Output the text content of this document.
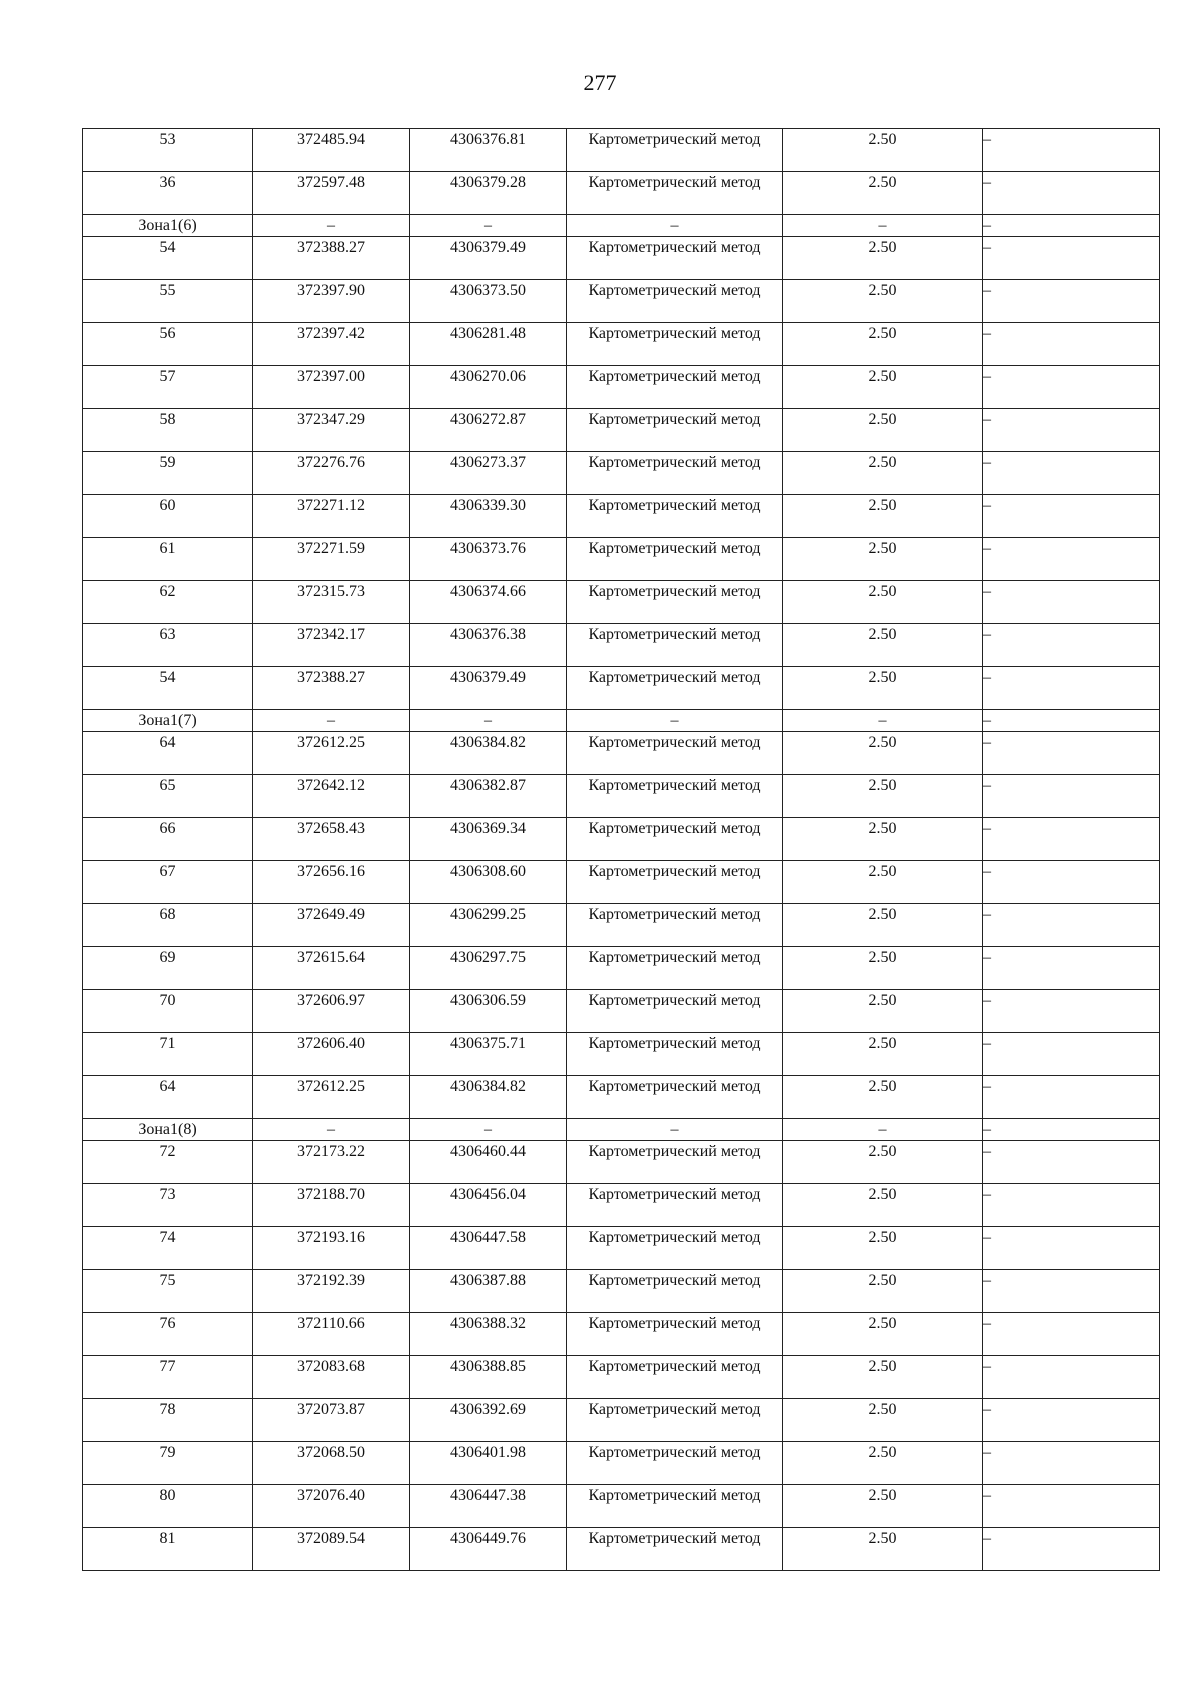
277
53	372485.94	4306376.81	Картометрический метод	2.50	–
36	372597.48	4306379.28	Картометрический метод	2.50	–
Зона1(6)	–	–	–	–	–
54	372388.27	4306379.49	Картометрический метод	2.50	–
55	372397.90	4306373.50	Картометрический метод	2.50	–
56	372397.42	4306281.48	Картометрический метод	2.50	–
57	372397.00	4306270.06	Картометрический метод	2.50	–
58	372347.29	4306272.87	Картометрический метод	2.50	–
59	372276.76	4306273.37	Картометрический метод	2.50	–
60	372271.12	4306339.30	Картометрический метод	2.50	–
61	372271.59	4306373.76	Картометрический метод	2.50	–
62	372315.73	4306374.66	Картометрический метод	2.50	–
63	372342.17	4306376.38	Картометрический метод	2.50	–
54	372388.27	4306379.49	Картометрический метод	2.50	–
Зона1(7)	–	–	–	–	–
64	372612.25	4306384.82	Картометрический метод	2.50	–
65	372642.12	4306382.87	Картометрический метод	2.50	–
66	372658.43	4306369.34	Картометрический метод	2.50	–
67	372656.16	4306308.60	Картометрический метод	2.50	–
68	372649.49	4306299.25	Картометрический метод	2.50	–
69	372615.64	4306297.75	Картометрический метод	2.50	–
70	372606.97	4306306.59	Картометрический метод	2.50	–
71	372606.40	4306375.71	Картометрический метод	2.50	–
64	372612.25	4306384.82	Картометрический метод	2.50	–
Зона1(8)	–	–	–	–	–
72	372173.22	4306460.44	Картометрический метод	2.50	–
73	372188.70	4306456.04	Картометрический метод	2.50	–
74	372193.16	4306447.58	Картометрический метод	2.50	–
75	372192.39	4306387.88	Картометрический метод	2.50	–
76	372110.66	4306388.32	Картометрический метод	2.50	–
77	372083.68	4306388.85	Картометрический метод	2.50	–
78	372073.87	4306392.69	Картометрический метод	2.50	–
79	372068.50	4306401.98	Картометрический метод	2.50	–
80	372076.40	4306447.38	Картометрический метод	2.50	–
81	372089.54	4306449.76	Картометрический метод	2.50	–
